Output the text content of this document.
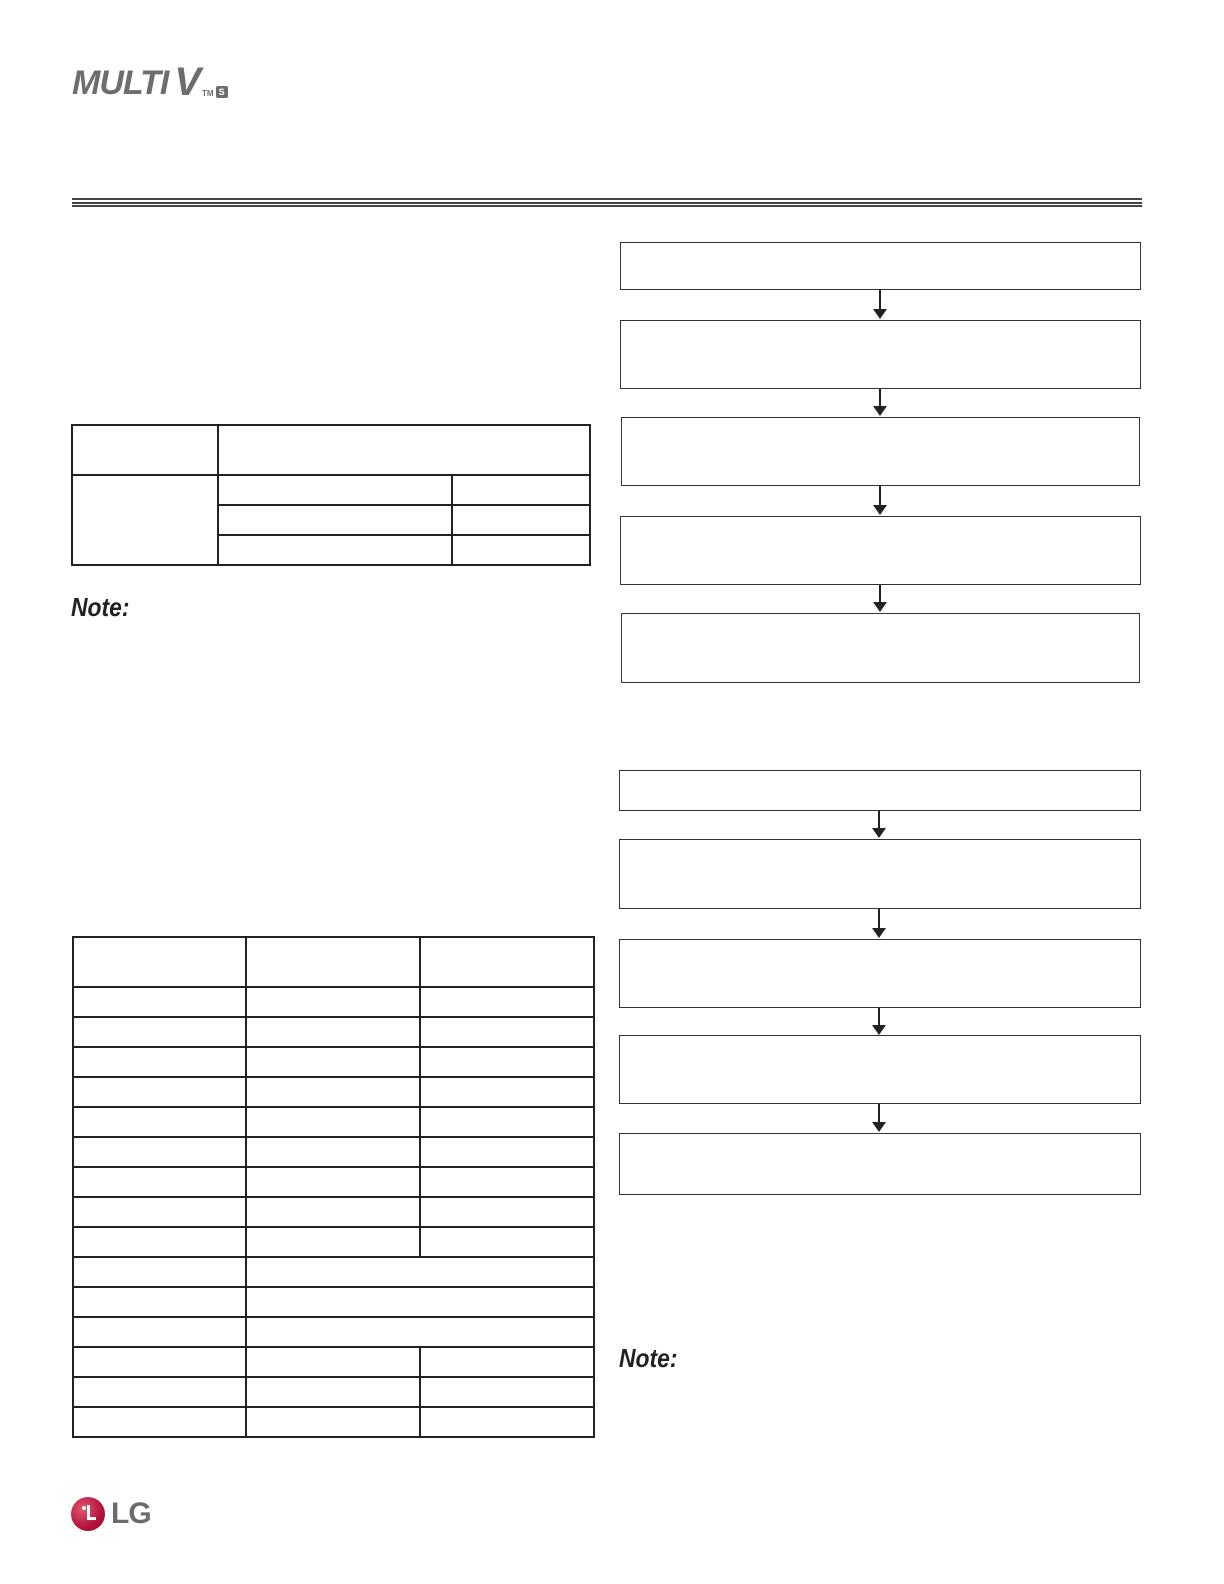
MULTI V TM S

Note:

Note:
LG
